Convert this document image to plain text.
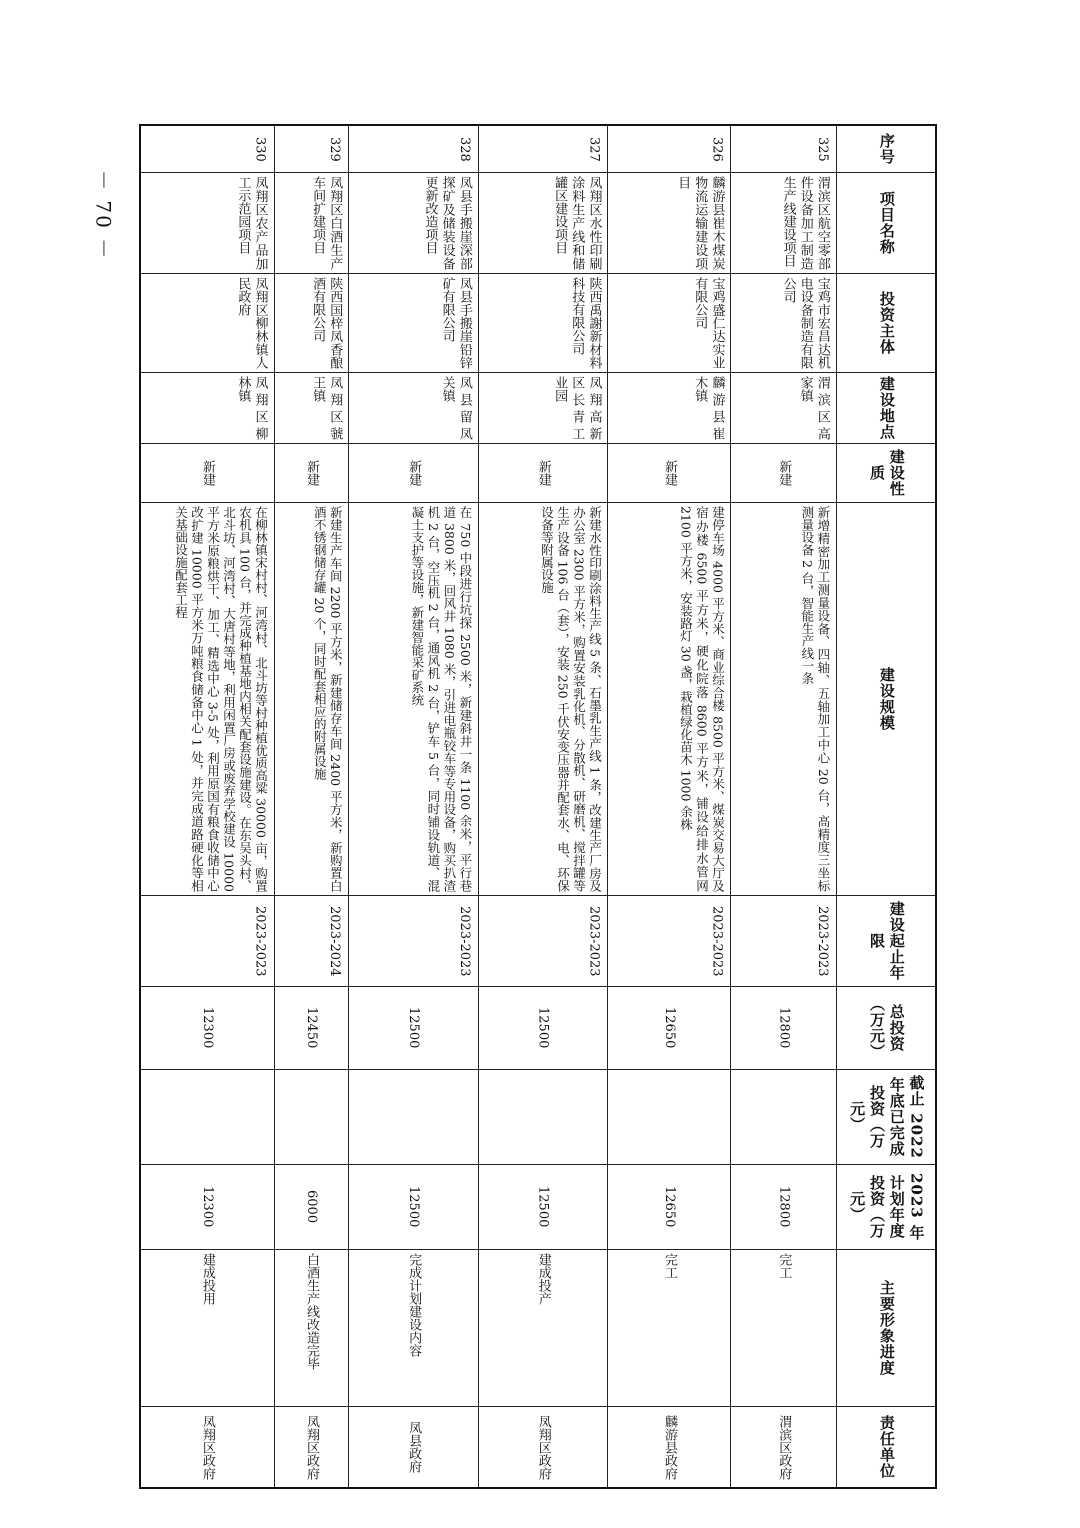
－ 70 －
序号	项目名称	投资主体	建设地点	建设性质	建设规模	建设起止年限	总投资（万元）	截止 2022 年底已完成投资（万元）	2023 年计划年度投资（万元）	主要形象进度	责任单位
325	渭滨区航空零部件设备加工制造生产线建设项目	宝鸡市宏昌达机电设备制造有限公司	渭滨区高家镇	新建	新增精密加工测量设备、四轴、五轴加工中心 20 台，高精度三坐标测量设备 2 台，智能生产线一条	2023-2023	12800		12800	完工	渭滨区政府
326	麟游县崔木煤炭物流运输建设项目	宝鸡盛仁达实业有限公司	麟游县崔木镇	新建	建停车场 4000 平方米、商业综合楼 8500 平方米、煤炭交易大厅及宿办楼 6500 平方米，硬化院落 8600 平方米，铺设给排水管网 2100 平方米，安装路灯 30 盏，栽植绿化苗木 1000 余株	2023-2023	12650		12650	完工	麟游县政府
327	凤翔区水性印刷涂料生产线和储罐区建设项目	陕西禹謝新材料科技有限公司	凤翔高新区长青工业园	新建	新建水性印刷涂料生产线 5 条、石墨乳生产线 1 条，改建生产厂房及办公室 2300 平方米，购置安装乳化机、分散机、研磨机、搅拌罐等生产设备 106 台（套），安装 250 千伏安变压器并配套水、电、环保设备等附属设施	2023-2023	12500		12500	建成投产	凤翔区政府
328	凤县手搬崖深部探矿及储装设备更新改造项目	凤县手搬崖铅锌矿有限公司	凤县留凤关镇	新建	在 750 中段进行坑探 2500 米，新建斜井一条 1100 余米，平行巷道 3800 米，回风井 1080 米，引进电瓶铰车等专用设备，购买扒渣机 2 台，空压机 2 台，通风机 2 台，铲车 5 台，同时铺设轨道、混凝土支护等设施，新建智能采矿系统	2023-2023	12500		12500	完成计划建设内容	凤县政府
329	凤翔区白酒生产车间扩建项目	陕西国梓凤香酿酒有限公司	凤翔区虢王镇	新建	新建生产车间 2200 平方米，新建储存车间 2400 平方米，新购置白酒不锈钢储存罐 20 个，同时配套相应的附属设施	2023-2024	12450		6000	白酒生产线改造完毕	凤翔区政府
330	凤翔区农产品加工示范园项目	凤翔区柳林镇人民政府	凤翔区柳林镇	新建	在柳林镇宋村村、河湾村、北斗坊等村种植优质高粱 30000 亩，购置农机具 100 台，并完成种植基地内相关配套设施建设。在东吴头村、北斗坊、河湾村、大唐村等地，利用闲置厂房或废弃学校建设 10000 平方米原粮烘干、加工、精选中心 3-5 处，利用原国有粮食收储中心改扩建 10000 平方米万吨粮食储备中心 1 处，并完成道路硬化等相关基础设施配套工程	2023-2023	12300		12300	建成投用	凤翔区政府
